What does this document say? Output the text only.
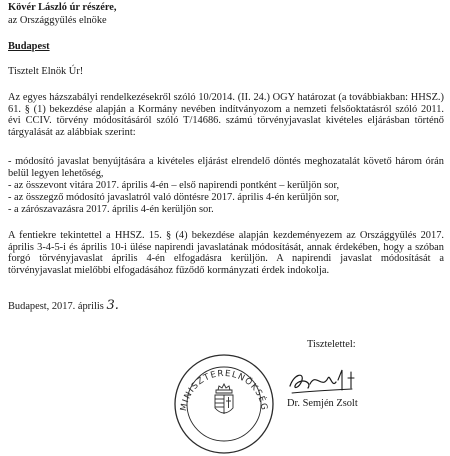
Kövér László úr részére,
az Országgyűlés elnöke
Budapest
Tisztelt Elnök Úr!
Az egyes házszabályi rendelkezésekről szóló 10/2014. (II. 24.) OGY határozat (a továbbiakban: HHSZ.) 61. § (1) bekezdése alapján a Kormány nevében indítványozom a nemzeti felsőoktatásról szóló 2011. évi CCIV. törvény módosításáról szóló T/14686. számú törvényjavaslat kivételes eljárásban történő tárgyalását az alábbiak szerint:
- módosító javaslat benyújtására a kivételes eljárást elrendelő döntés meghozatalát követő három órán belül legyen lehetőség,
- az összevont vitára 2017. április 4-én – első napirendi pontként – kerüljön sor,
- az összegző módosító javaslatról való döntésre 2017. április 4-én kerüljön sor,
- a zárószavazásra 2017. április 4-én kerüljön sor.
A fentiekre tekintettel a HHSZ. 15. § (4) bekezdése alapján kezdeményezem az Országgyűlés 2017. április 3-4-5-i és április 10-i ülése napirendi javaslatának módosítását, annak érdekében, hogy a szóban forgó törvényjavaslat április 4-én elfogadásra kerüljön. A napirendi javaslat módosítását a törvényjavaslat mielőbbi elfogadásához fűződő kormányzati érdek indokolja.
Budapest, 2017. április 3.
Tisztelettel:
MINISZTERELNÖKSÉG Dr. Semjén Zsolt
